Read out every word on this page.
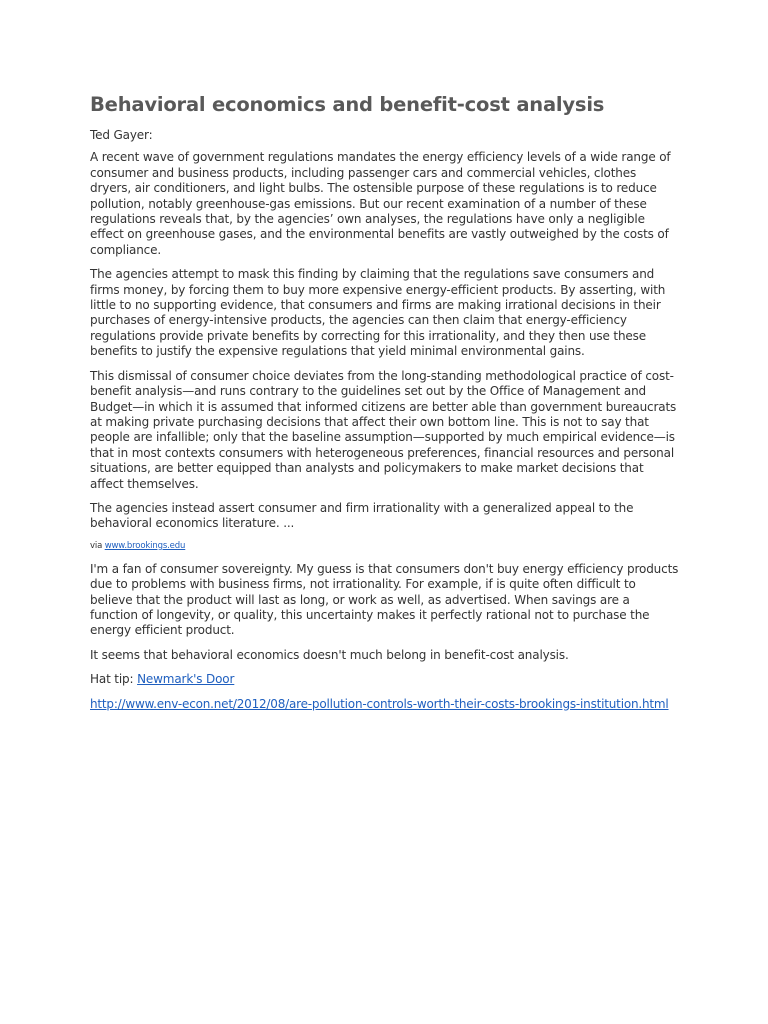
Behavioral economics and benefit-cost analysis

Ted Gayer:

A recent wave of government regulations mandates the energy efficiency levels of a wide range of consumer and business products, including passenger cars and commercial vehicles, clothes dryers, air conditioners, and light bulbs. The ostensible purpose of these regulations is to reduce pollution, notably greenhouse-gas emissions. But our recent examination of a number of these regulations reveals that, by the agencies’ own analyses, the regulations have only a negligible effect on greenhouse gases, and the environmental benefits are vastly outweighed by the costs of compliance.

The agencies attempt to mask this finding by claiming that the regulations save consumers and firms money, by forcing them to buy more expensive energy-efficient products. By asserting, with little to no supporting evidence, that consumers and firms are making irrational decisions in their purchases of energy-intensive products, the agencies can then claim that energy-efficiency regulations provide private benefits by correcting for this irrationality, and they then use these benefits to justify the expensive regulations that yield minimal environmental gains.

This dismissal of consumer choice deviates from the long-standing methodological practice of cost-benefit analysis—and runs contrary to the guidelines set out by the Office of Management and Budget—in which it is assumed that informed citizens are better able than government bureaucrats at making private purchasing decisions that affect their own bottom line. This is not to say that people are infallible; only that the baseline assumption—supported by much empirical evidence—is that in most contexts consumers with heterogeneous preferences, financial resources and personal situations, are better equipped than analysts and policymakers to make market decisions that affect themselves.

The agencies instead assert consumer and firm irrationality with a generalized appeal to the behavioral economics literature. ...

via www.brookings.edu

I'm a fan of consumer sovereignty. My guess is that consumers don't buy energy efficiency products due to problems with business firms, not irrationality. For example, if is quite often difficult to believe that the product will last as long, or work as well, as advertised. When savings are a function of longevity, or quality, this uncertainty makes it perfectly rational not to purchase the energy efficient product.

It seems that behavioral economics doesn't much belong in benefit-cost analysis.

Hat tip: Newmark's Door

http://www.env-econ.net/2012/08/are-pollution-controls-worth-their-costs-brookings-institution.html
